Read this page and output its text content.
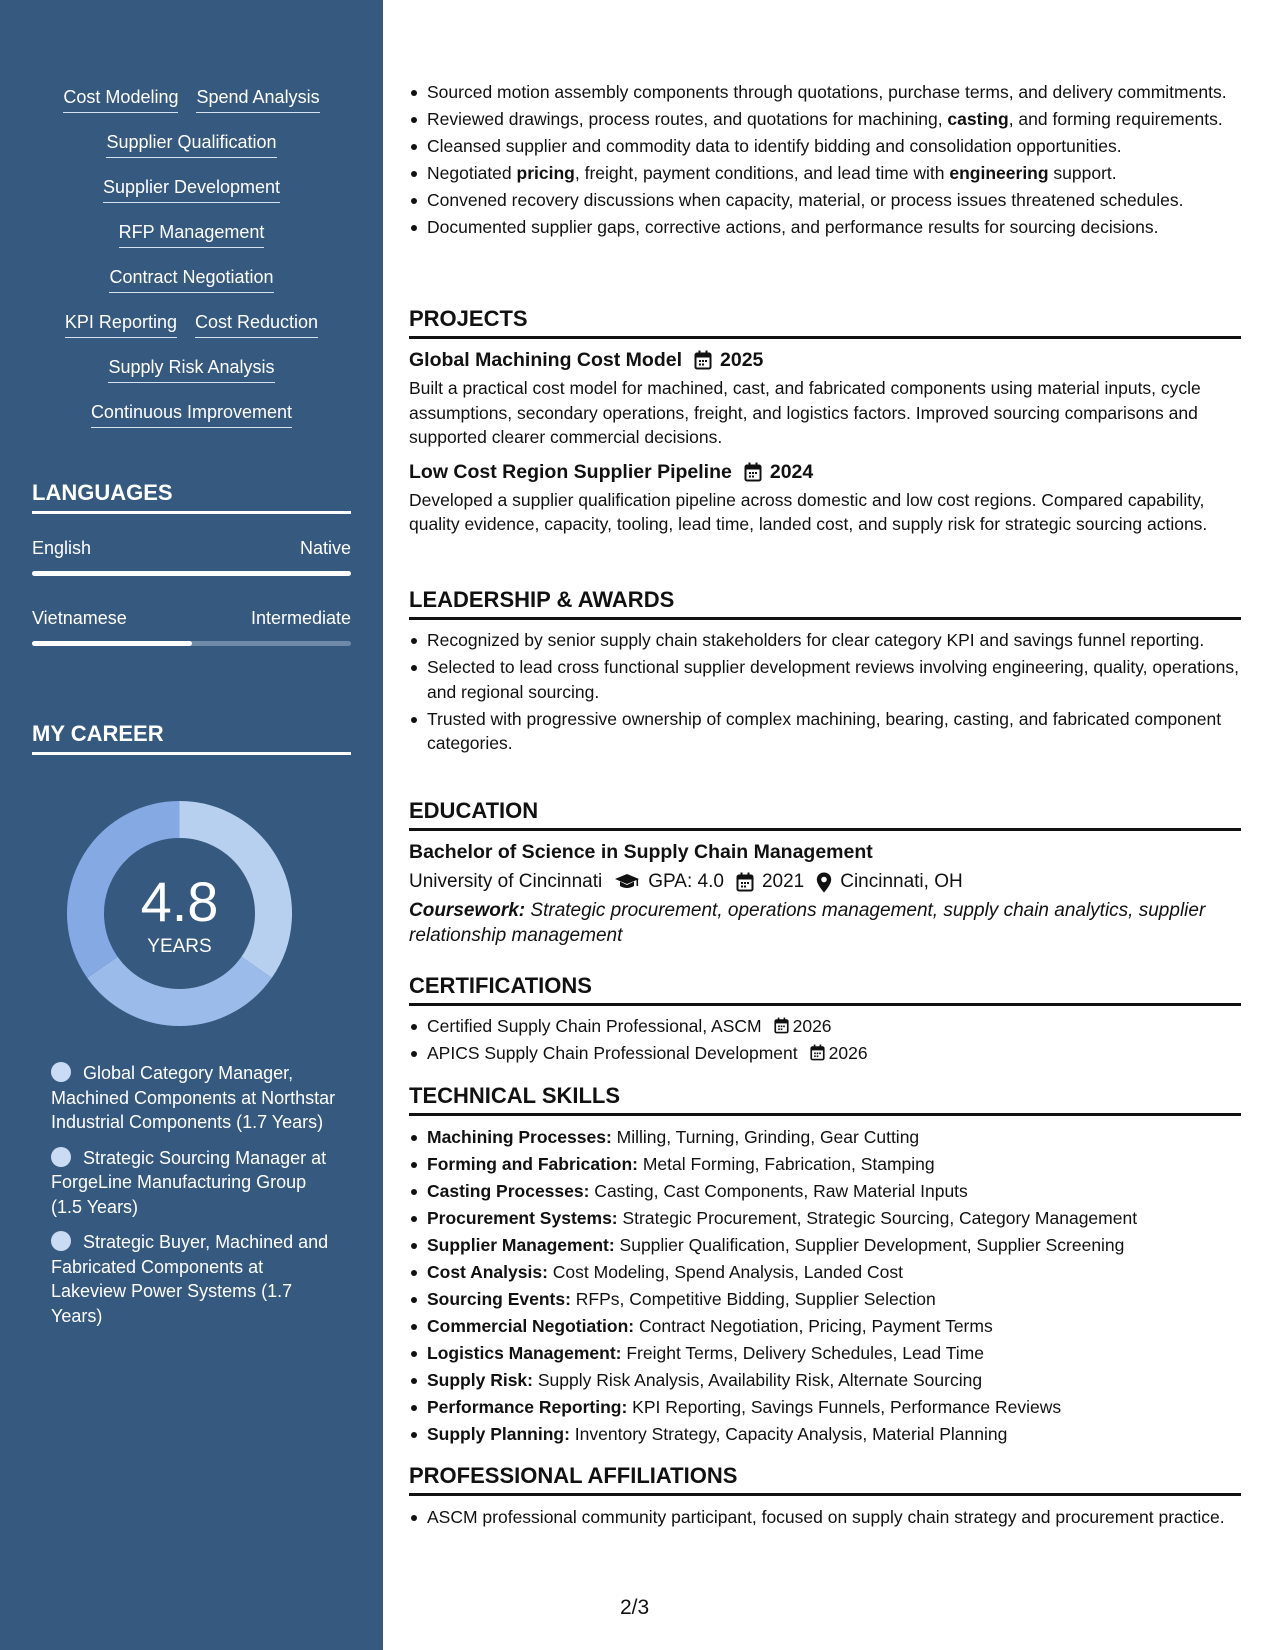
Cost Modeling Spend Analysis
Supplier Qualification
Supplier Development
RFP Management
Contract Negotiation
KPI Reporting Cost Reduction
Supply Risk Analysis
Continuous Improvement
LANGUAGES
English	Native
Vietnamese	Intermediate
MY CAREER
4.8
YEARS
Global Category Manager, Machined Components at Northstar Industrial Components (1.7 Years)
Strategic Sourcing Manager at ForgeLine Manufacturing Group (1.5 Years)
Strategic Buyer, Machined and Fabricated Components at Lakeview Power Systems (1.7 Years)
Sourced motion assembly components through quotations, purchase terms, and delivery commitments.
Reviewed drawings, process routes, and quotations for machining, casting, and forming requirements.
Cleansed supplier and commodity data to identify bidding and consolidation opportunities.
Negotiated pricing, freight, payment conditions, and lead time with engineering support.
Convened recovery discussions when capacity, material, or process issues threatened schedules.
Documented supplier gaps, corrective actions, and performance results for sourcing decisions.
PROJECTS
Global Machining Cost Model 2025
Built a practical cost model for machined, cast, and fabricated components using material inputs, cycle assumptions, secondary operations, freight, and logistics factors. Improved sourcing comparisons and supported clearer commercial decisions.
Low Cost Region Supplier Pipeline 2024
Developed a supplier qualification pipeline across domestic and low cost regions. Compared capability, quality evidence, capacity, tooling, lead time, landed cost, and supply risk for strategic sourcing actions.
LEADERSHIP & AWARDS
Recognized by senior supply chain stakeholders for clear category KPI and savings funnel reporting.
Selected to lead cross functional supplier development reviews involving engineering, quality, operations, and regional sourcing.
Trusted with progressive ownership of complex machining, bearing, casting, and fabricated component categories.
EDUCATION
Bachelor of Science in Supply Chain Management
University of Cincinnati GPA: 4.0 2021 Cincinnati, OH
Coursework: Strategic procurement, operations management, supply chain analytics, supplier relationship management
CERTIFICATIONS
Certified Supply Chain Professional, ASCM 2026
APICS Supply Chain Professional Development 2026
TECHNICAL SKILLS
Machining Processes: Milling, Turning, Grinding, Gear Cutting
Forming and Fabrication: Metal Forming, Fabrication, Stamping
Casting Processes: Casting, Cast Components, Raw Material Inputs
Procurement Systems: Strategic Procurement, Strategic Sourcing, Category Management
Supplier Management: Supplier Qualification, Supplier Development, Supplier Screening
Cost Analysis: Cost Modeling, Spend Analysis, Landed Cost
Sourcing Events: RFPs, Competitive Bidding, Supplier Selection
Commercial Negotiation: Contract Negotiation, Pricing, Payment Terms
Logistics Management: Freight Terms, Delivery Schedules, Lead Time
Supply Risk: Supply Risk Analysis, Availability Risk, Alternate Sourcing
Performance Reporting: KPI Reporting, Savings Funnels, Performance Reviews
Supply Planning: Inventory Strategy, Capacity Analysis, Material Planning
PROFESSIONAL AFFILIATIONS
ASCM professional community participant, focused on supply chain strategy and procurement practice.
2/3
